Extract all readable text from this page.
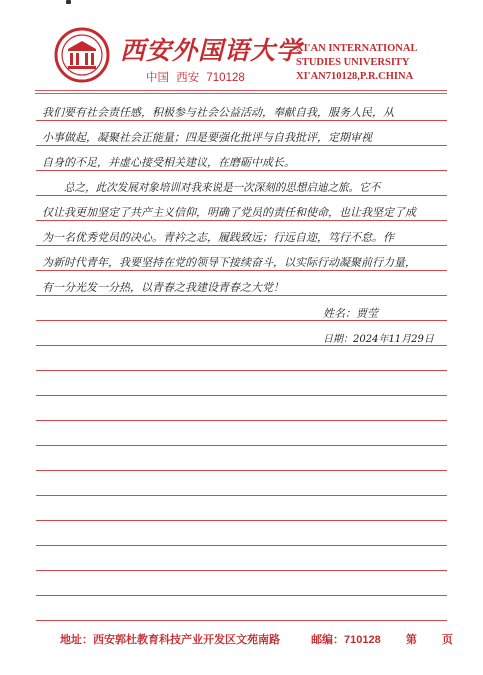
西安外国语大学
中国 西安 710128
XI'AN INTERNATIONAL
STUDIES UNIVERSITY
XI'AN710128,P.R.CHINA
我们要有社会责任感，积极参与社会公益活动，奉献自我，服务人民，从
小事做起，凝聚社会正能量；四是要强化批评与自我批评，定期审视
自身的不足，并虚心接受相关建议，在磨砺中成长。
总之，此次发展对象培训对我来说是一次深刻的思想启迪之旅。它不
仅让我更加坚定了共产主义信仰，明确了党员的责任和使命，也让我坚定了成
为一名优秀党员的决心。青衿之志，履践致远；行远自迩，笃行不怠。作
为新时代青年，我要坚持在党的领导下接续奋斗，以实际行动凝聚前行力量，
有一分光发一分热，以青春之我建设青春之大党！
姓名：贾莹
日期：2024年11月29日
地址：西安郭杜教育科技产业开发区文苑南路	邮编：710128 第 页
